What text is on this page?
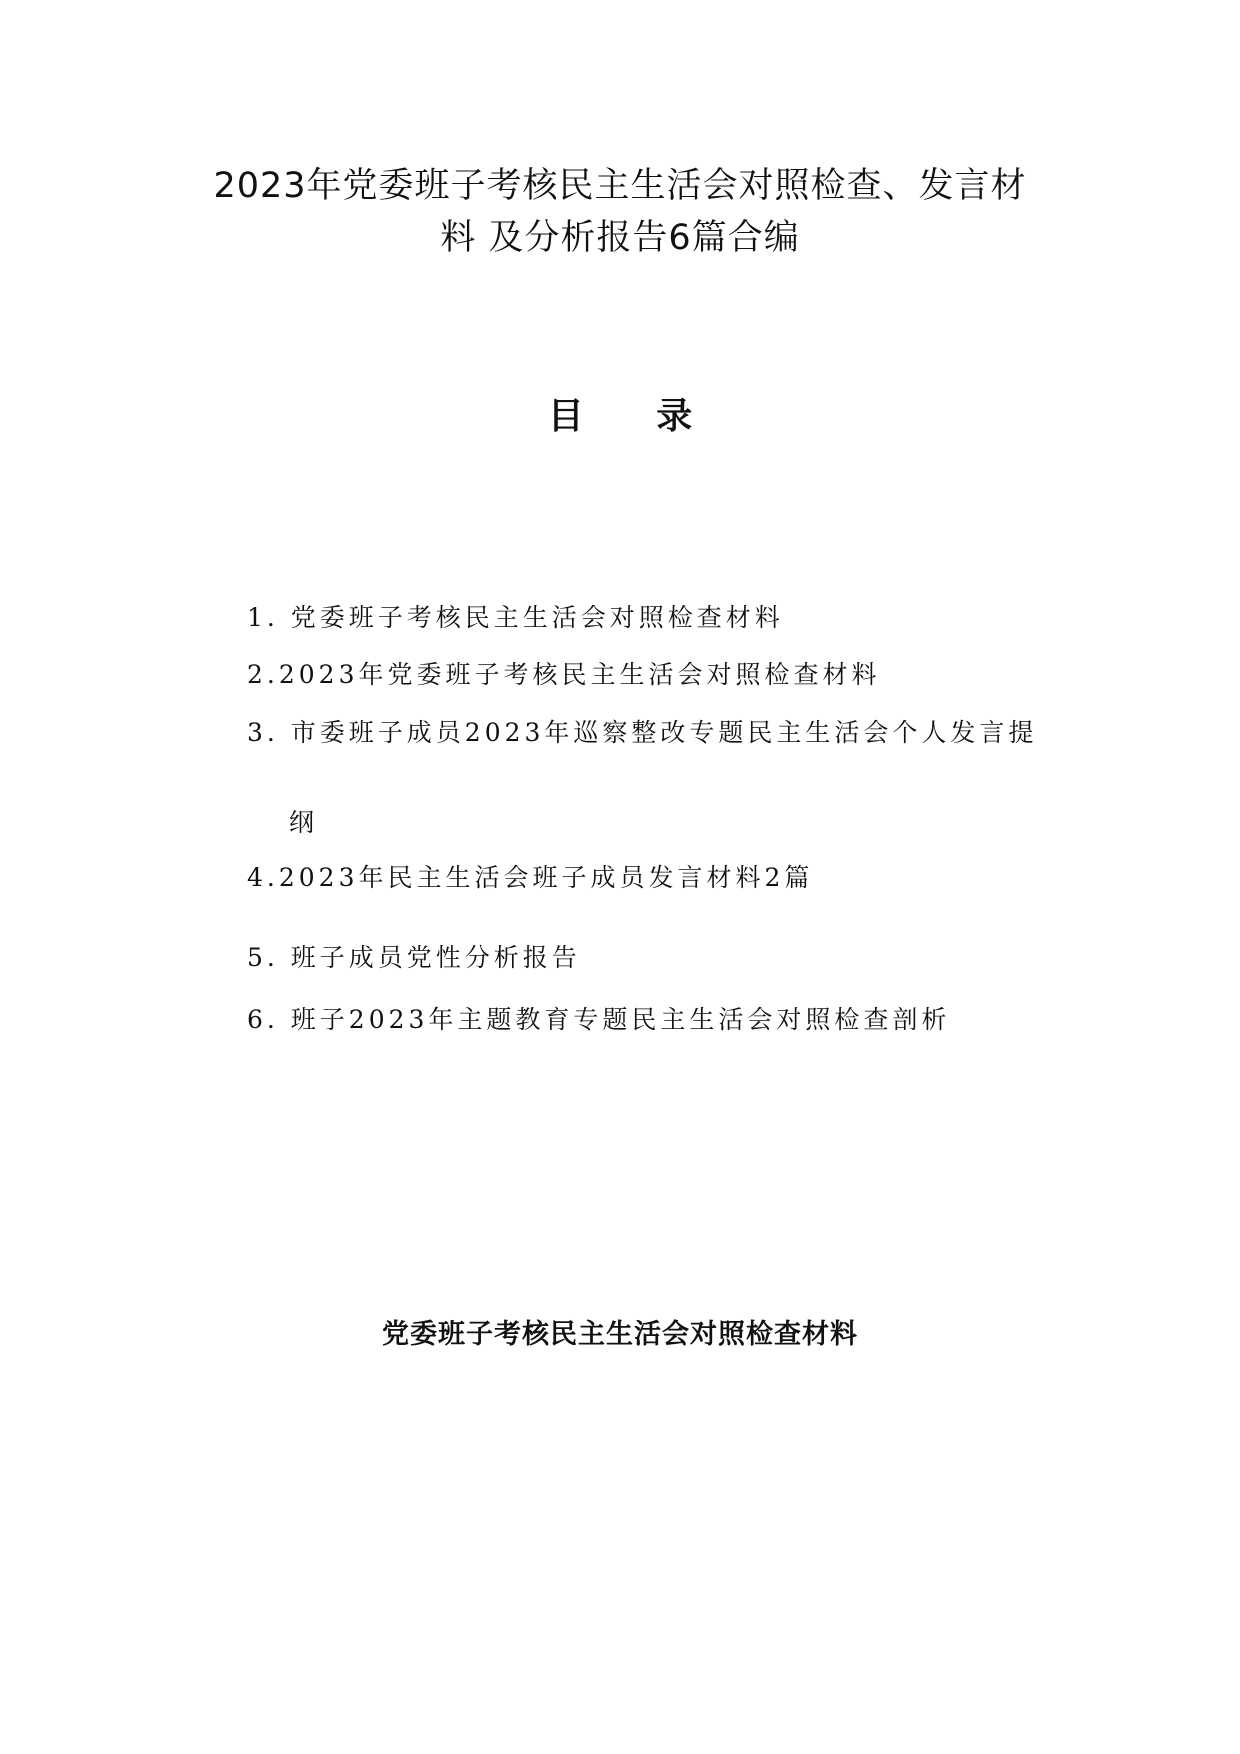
2023年党委班子考核民主生活会对照检查、发言材
料 及分析报告6篇合编
目 录
1. 党委班子考核民主生活会对照检查材料
2.2023年党委班子考核民主生活会对照检查材料
3. 市委班子成员2023年巡察整改专题民主生活会个人发言提
纲
4.2023年民主生活会班子成员发言材料2篇
5. 班子成员党性分析报告
6. 班子2023年主题教育专题民主生活会对照检查剖析
党委班子考核民主生活会对照检查材料
